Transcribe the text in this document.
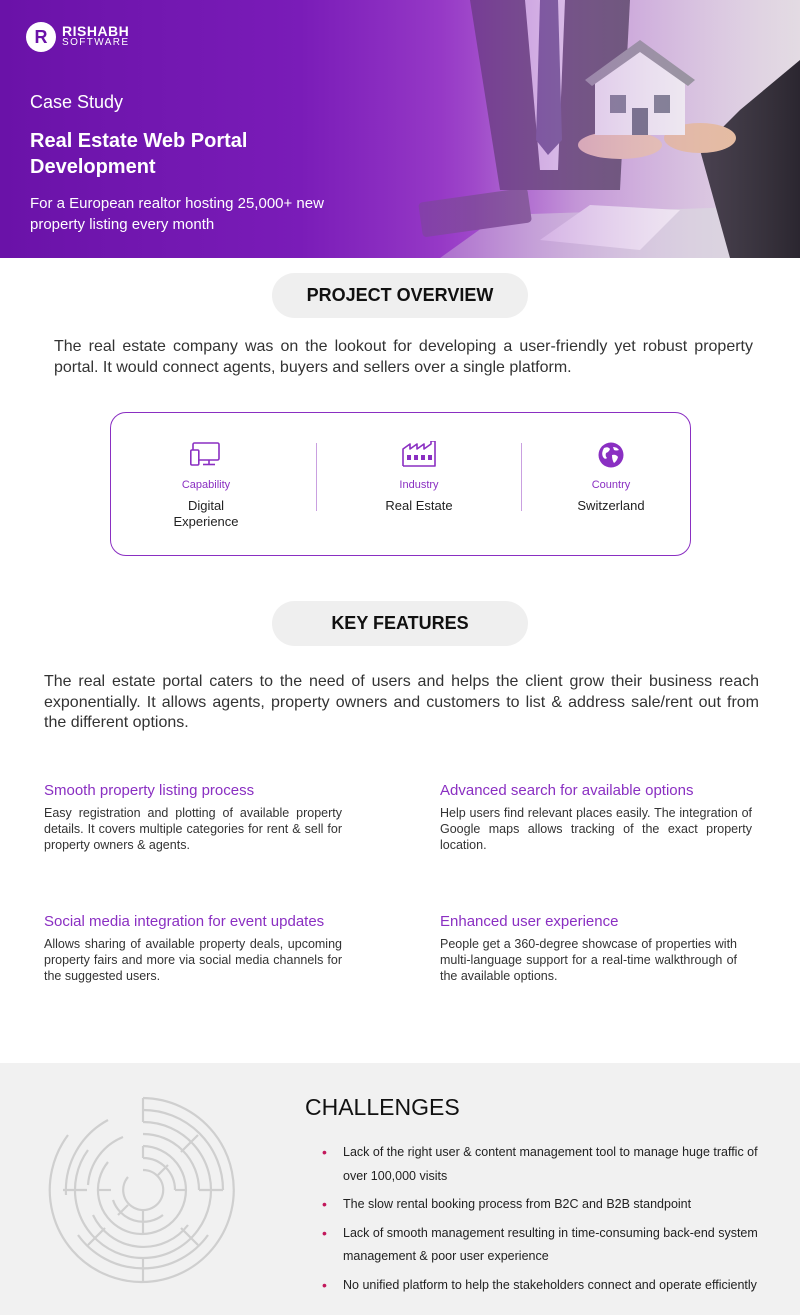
R	RISHABH
SOFTWARE
Case Study
Real Estate Web Portal Development
For a European realtor hosting 25,000+ new property listing every month
PROJECT OVERVIEW

The real estate company was on the lookout for developing a user-friendly yet robust property portal. It would connect agents, buyers and sellers over a single platform.

Capability
Digital Experience
Industry
Real Estate
Country
Switzerland
KEY FEATURES

The real estate portal caters to the need of users and helps the client grow their business reach exponentially. It allows agents, property owners and customers to list & address sale/rent out from the different options.

Smooth property listing process

Easy registration and plotting of available property details. It covers multiple categories for rent & sell for property owners & agents.

Advanced search for available options

Help users find relevant places easily. The integration of Google maps allows tracking of the exact property location.

Social media integration for event updates

Allows sharing of available property deals, upcoming property fairs and more via social media channels for the suggested users.

Enhanced user experience

People get a 360-degree showcase of properties with multi-language support for a real-time walkthrough of the available options.

CHALLENGES
• Lack of the right user & content management tool to manage huge traffic of over 100,000 visits
• The slow rental booking process from B2C and B2B standpoint
• Lack of smooth management resulting in time-consuming back-end system management & poor user experience
• No unified platform to help the stakeholders connect and operate efficiently
